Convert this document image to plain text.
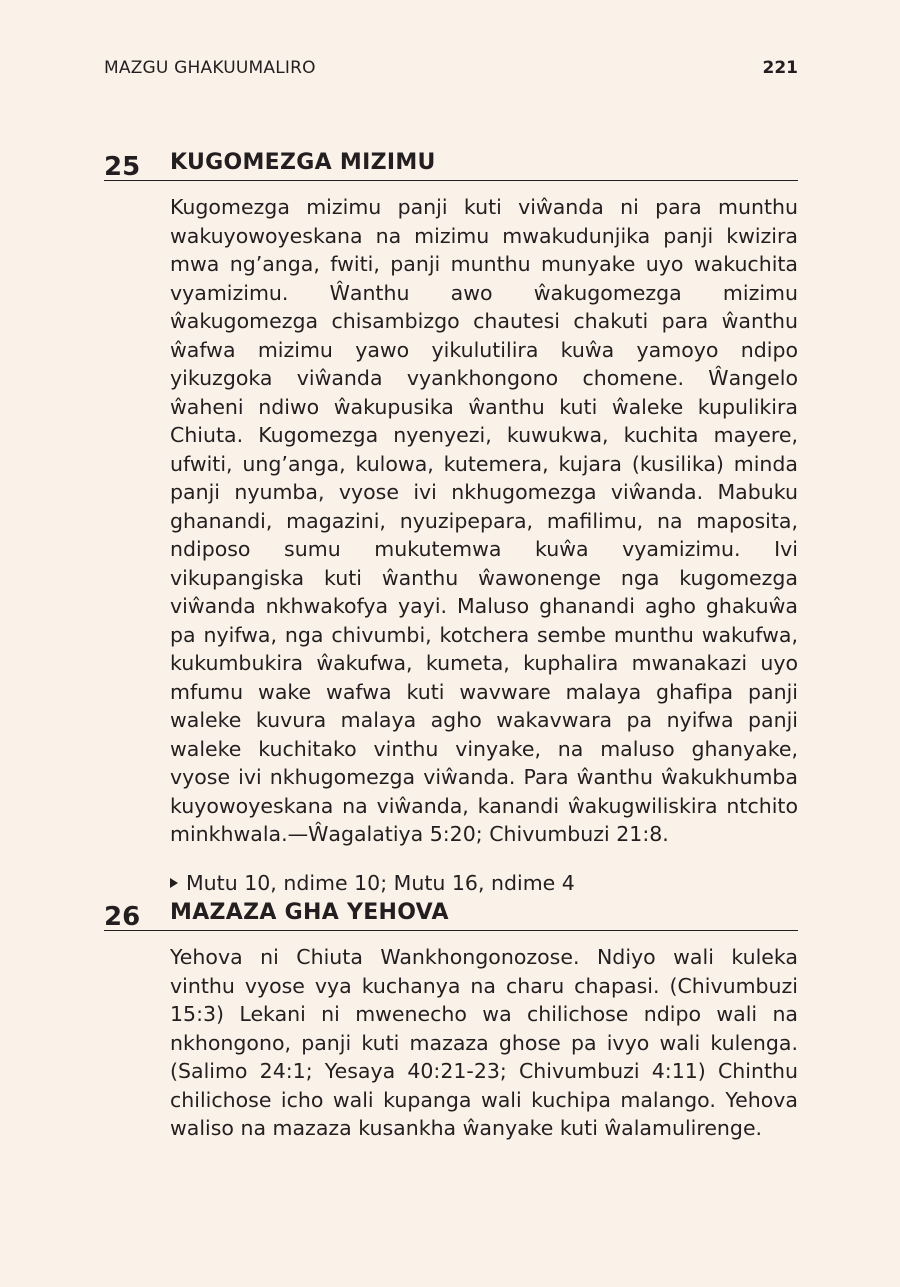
MAZGU GHAKUUMALIRO	221
25 KUGOMEZGA MIZIMU

Kugomezga mizimu panji kuti viŵanda ni para munthu wakuyowoyeskana na mizimu mwakudunjika panji kwizira mwa ng’anga, fwiti, panji munthu munyake uyo wakuchita vyamizimu. Ŵanthu awo ŵakugomezga mizimu ŵakugomezga chisambizgo chautesi chakuti para ŵanthu ŵafwa mizimu yawo yikulutilira kuŵa yamoyo ndipo yikuzgoka viŵanda vyankhongono chomene. Ŵangelo ŵaheni ndiwo ŵakupusika ŵanthu kuti ŵaleke kupulikira Chiuta. Kugomezga nyenyezi, kuwukwa, kuchita mayere, ufwiti, ung’anga, kulowa, kutemera, kujara (kusilika) minda panji nyumba, vyose ivi nkhugomezga viŵanda. Mabuku ghanandi, magazini, nyuzipepara, mafilimu, na maposita, ndiposo sumu mukutemwa kuŵa vyamizimu. Ivi vikupangiska kuti ŵanthu ŵawonenge nga kugomezga viŵanda nkhwakofya yayi. Maluso ghanandi agho ghakuŵa pa nyifwa, nga chivumbi, kotchera sembe munthu wakufwa, kukumbukira ŵakufwa, kumeta, kuphalira mwanakazi uyo mfumu wake wafwa kuti wavware malaya ghafipa panji waleke kuvura malaya agho wakavwara pa nyifwa panji waleke kuchitako vinthu vinyake, na maluso ghanyake, vyose ivi nkhugomezga viŵanda. Para ŵanthu ŵakukhumba kuyowoyeskana na viŵanda, kanandi ŵakugwiliskira ntchito minkhwala.—Ŵagalatiya 5:20; Chivumbuzi 21:8.

Mutu 10, ndime 10; Mutu 16, ndime 4
26 MAZAZA GHA YEHOVA

Yehova ni Chiuta Wankhongonozose. Ndiyo wali kuleka vinthu vyose vya kuchanya na charu chapasi. (Chivumbuzi 15:3) Lekani ni mwenecho wa chilichose ndipo wali na nkhongono, panji kuti mazaza ghose pa ivyo wali kulenga. (Salimo 24:1; Yesaya 40:21-23; Chivumbuzi 4:11) Chinthu chilichose icho wali kupanga wali kuchipa malango. Yehova waliso na mazaza kusankha ŵanyake kuti ŵalamulirenge.
